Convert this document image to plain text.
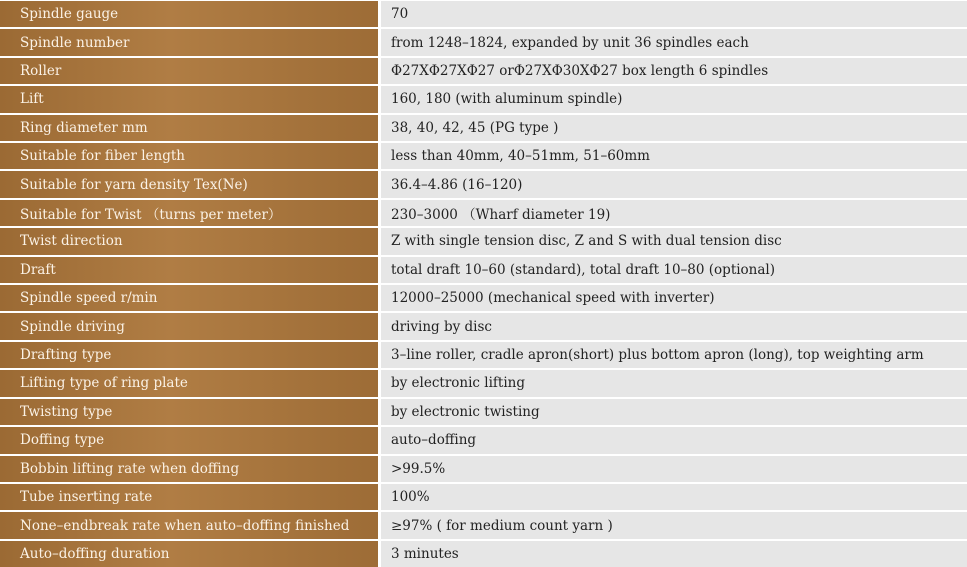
Spindle gauge	70
Spindle number	from 1248–1824, expanded by unit 36 spindles each
Roller	Φ27XΦ27XΦ27 orΦ27XΦ30XΦ27 box length 6 spindles
Lift	160, 180 (with aluminum spindle)
Ring diameter mm	38, 40, 42, 45 (PG type )
Suitable for fiber length	less than 40mm, 40–51mm, 51–60mm
Suitable for yarn density Tex(Ne)	36.4–4.86 (16–120)
Suitable for Twist （turns per meter）	230–3000 （Wharf diameter 19)
Twist direction	Z with single tension disc, Z and S with dual tension disc
Draft	total draft 10–60 (standard), total draft 10–80 (optional)
Spindle speed r/min	12000–25000 (mechanical speed with inverter)
Spindle driving	driving by disc
Drafting type	3–line roller, cradle apron(short) plus bottom apron (long), top weighting arm
Lifting type of ring plate	by electronic lifting
Twisting type	by electronic twisting
Doffing type	auto–doffing
Bobbin lifting rate when doffing	>99.5%
Tube inserting rate	100%
None–endbreak rate when auto–doffing finished	≥97% ( for medium count yarn )
Auto–doffing duration	3 minutes
